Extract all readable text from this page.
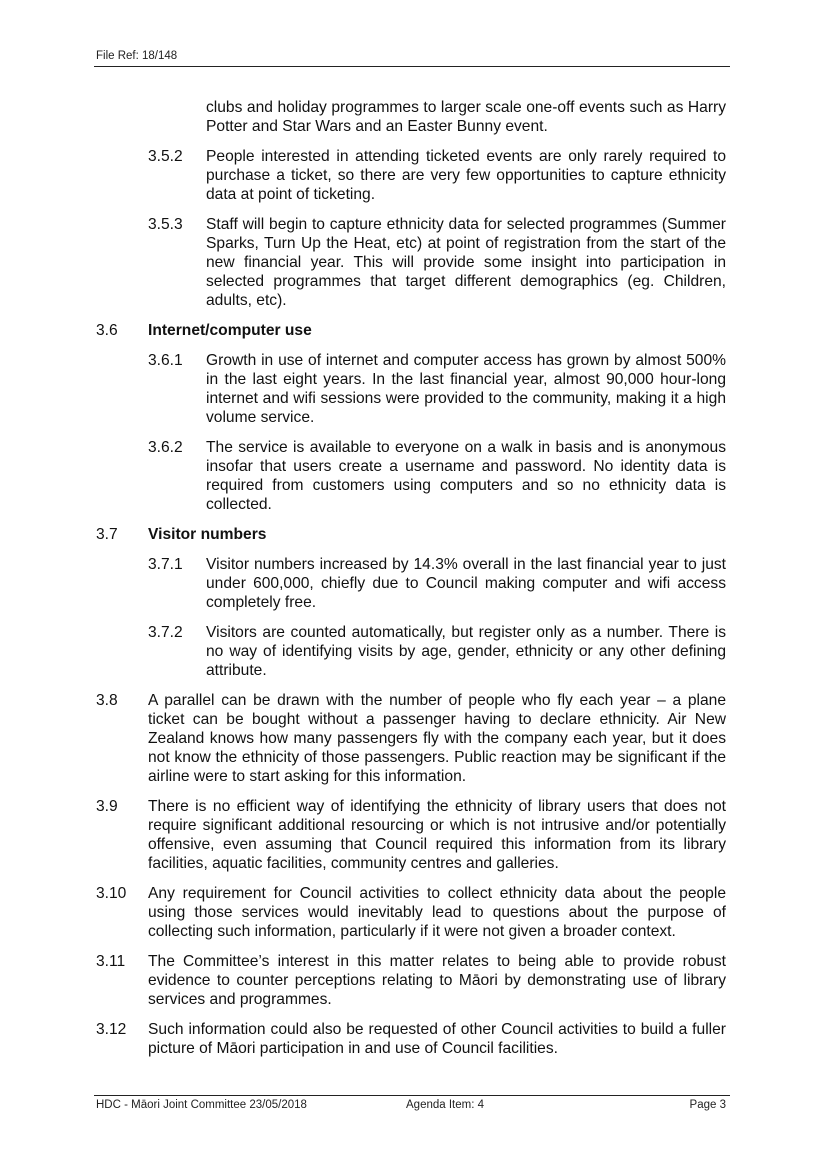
File Ref: 18/148
clubs and holiday programmes to larger scale one-off events such as Harry Potter and Star Wars and an Easter Bunny event.
3.5.2	People interested in attending ticketed events are only rarely required to purchase a ticket, so there are very few opportunities to capture ethnicity data at point of ticketing.
3.5.3	Staff will begin to capture ethnicity data for selected programmes (Summer Sparks, Turn Up the Heat, etc) at point of registration from the start of the new financial year. This will provide some insight into participation in selected programmes that target different demographics (eg. Children, adults, etc).
3.6	Internet/computer use
3.6.1	Growth in use of internet and computer access has grown by almost 500% in the last eight years. In the last financial year, almost 90,000 hour-long internet and wifi sessions were provided to the community, making it a high volume service.
3.6.2	The service is available to everyone on a walk in basis and is anonymous insofar that users create a username and password. No identity data is required from customers using computers and so no ethnicity data is collected.
3.7	Visitor numbers
3.7.1	Visitor numbers increased by 14.3% overall in the last financial year to just under 600,000, chiefly due to Council making computer and wifi access completely free.
3.7.2	Visitors are counted automatically, but register only as a number. There is no way of identifying visits by age, gender, ethnicity or any other defining attribute.
3.8	A parallel can be drawn with the number of people who fly each year – a plane ticket can be bought without a passenger having to declare ethnicity. Air New Zealand knows how many passengers fly with the company each year, but it does not know the ethnicity of those passengers. Public reaction may be significant if the airline were to start asking for this information.
3.9	There is no efficient way of identifying the ethnicity of library users that does not require significant additional resourcing or which is not intrusive and/or potentially offensive, even assuming that Council required this information from its library facilities, aquatic facilities, community centres and galleries.
3.10	Any requirement for Council activities to collect ethnicity data about the people using those services would inevitably lead to questions about the purpose of collecting such information, particularly if it were not given a broader context.
3.11	The Committee’s interest in this matter relates to being able to provide robust evidence to counter perceptions relating to Māori by demonstrating use of library services and programmes.
3.12	Such information could also be requested of other Council activities to build a fuller picture of Māori participation in and use of Council facilities.
HDC - Māori Joint Committee 23/05/2018	Agenda Item: 4	Page 3
